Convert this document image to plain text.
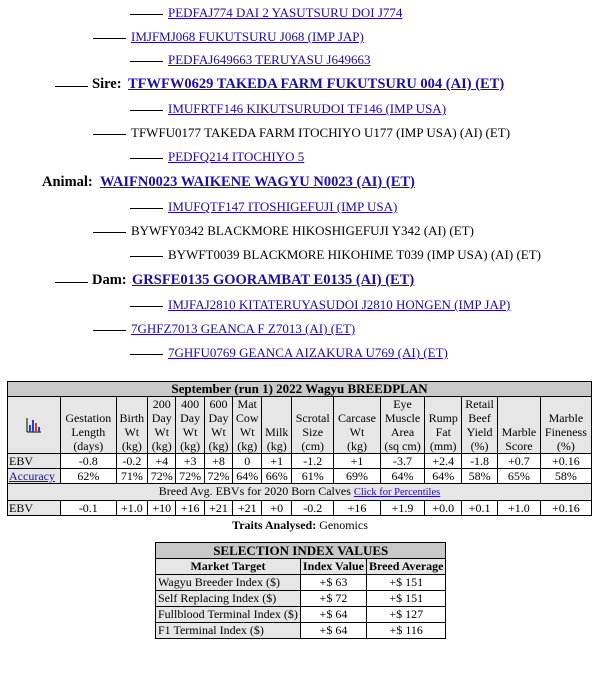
PEDFAJ774 DAI 2 YASUTSURU DOI J774
IMJFMJ068 FUKUTSURU J068 (IMP JAP)
PEDFAJ649663 TERUYASU J649663
Sire: TFWFW0629 TAKEDA FARM FUKUTSURU 004 (AI) (ET)
IMUFRTF146 KIKUTSURUDOI TF146 (IMP USA)
TFWFU0177 TAKEDA FARM ITOCHIYO U177 (IMP USA) (AI) (ET)
PEDFQ214 ITOCHIYO 5
Animal: WAIFN0023 WAIKENE WAGYU N0023 (AI) (ET)
IMUFQTF147 ITOSHIGEFUJI (IMP USA)
BYWFY0342 BLACKMORE HIKOSHIGEFUJI Y342 (AI) (ET)
BYWFT0039 BLACKMORE HIKOHIME T039 (IMP USA) (AI) (ET)
Dam: GRSFE0135 GOORAMBAT E0135 (AI) (ET)
IMJFAJ2810 KITATERUYASUDOI J2810 HONGEN (IMP JAP)
7GHFZ7013 GEANCA F Z7013 (AI) (ET)
7GHFU0769 GEANCA AIZAKURA U769 (AI) (ET)
September (run 1) 2022 Wagyu BREEDPLAN														
	Gestation
Length
(days)	Birth
Wt
(kg)	200
Day
Wt
(kg)	400
Day
Wt
(kg)	600
Day
Wt
(kg)	Mat
Cow
Wt
(kg)	Milk
(kg)	Scrotal
Size
(cm)	Carcase
Wt
(kg)	Eye
Muscle
Area
(sq cm)	Rump
Fat
(mm)	Retail
Beef
Yield
(%)	Marble
Score	Marble
Fineness
(%)
EBV	-0.8	-0.2	+4	+3	+8	0	+1	-1.2	+1	-3.7	+2.4	-1.8	+0.7	+0.16
Accuracy	62%	71%	72%	72%	72%	64%	66%	61%	69%	64%	64%	58%	65%	58%
Breed Avg. EBVs for 2020 Born Calves Click for Percentiles														
EBV	-0.1	+1.0	+10	+16	+21	+21	+0	-0.2	+16	+1.9	+0.0	+0.1	+1.0	+0.16
Traits Analysed: Genomics
SELECTION INDEX VALUES		
Market Target	Index Value	Breed Average
Wagyu Breeder Index ($)	+$ 63	+$ 151
Self Replacing Index ($)	+$ 72	+$ 151
Fullblood Terminal Index ($)	+$ 64	+$ 127
F1 Terminal Index ($)	+$ 64	+$ 116
